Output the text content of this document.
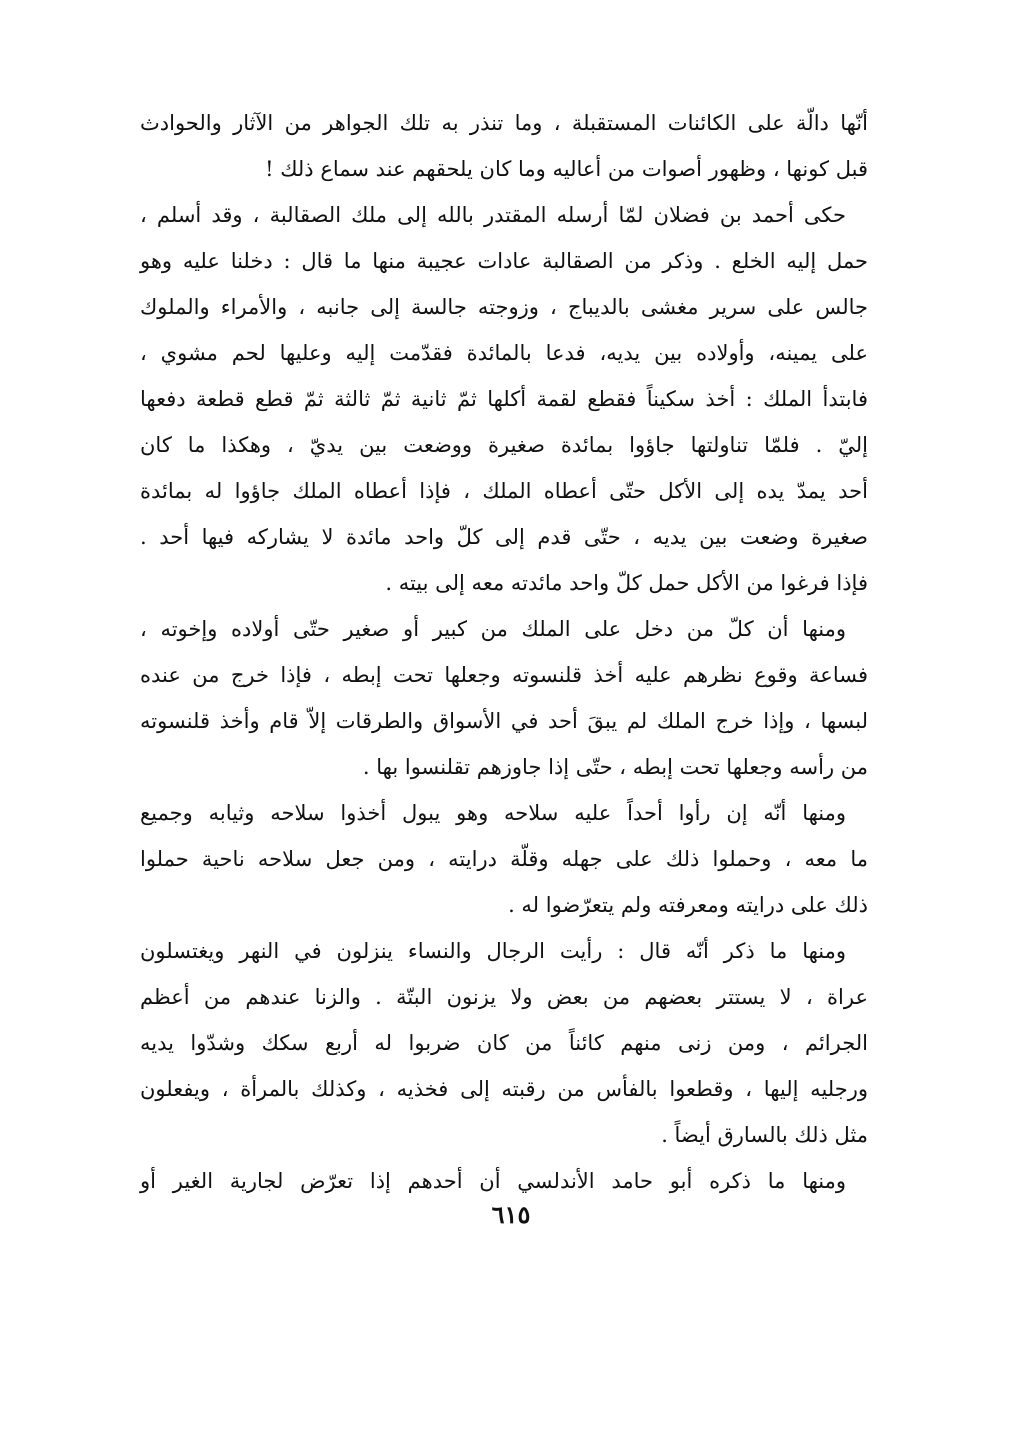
أنّها دالّة على الكائنات المستقبلة ، وما تنذر به تلك الجواهر من الآثار والحوادث
قبل كونها ، وظهور أصوات من أعاليه وما كان يلحقهم عند سماع ذلك !
حكى أحمد بن فضلان لمّا أرسله المقتدر بالله إلى ملك الصقالبة ، وقد أسلم ،
حمل إليه الخلع . وذكر من الصقالبة عادات عجيبة منها ما قال : دخلنا عليه وهو
جالس على سرير مغشى بالديباج ، وزوجته جالسة إلى جانبه ، والأمراء والملوك
على يمينه، وأولاده بين يديه، فدعا بالمائدة فقدّمت إليه وعليها لحم مشوي ،
فابتدأ الملك : أخذ سكيناً فقطع لقمة أكلها ثمّ ثانية ثمّ ثالثة ثمّ قطع قطعة دفعها
إليّ . فلمّا تناولتها جاؤوا بمائدة صغيرة ووضعت بين يديّ ، وهكذا ما كان
أحد يمدّ يده إلى الأكل حتّى أعطاه الملك ، فإذا أعطاه الملك جاؤوا له بمائدة
صغيرة وضعت بين يديه ، حتّى قدم إلى كلّ واحد مائدة لا يشاركه فيها أحد .
فإذا فرغوا من الأكل حمل كلّ واحد مائدته معه إلى بيته .
ومنها أن كلّ من دخل على الملك من كبير أو صغير حتّى أولاده وإخوته ،
فساعة وقوع نظرهم عليه أخذ قلنسوته وجعلها تحت إبطه ، فإذا خرج من عنده
لبسها ، وإذا خرج الملك لم يبقَ أحد في الأسواق والطرقات إلاّ قام وأخذ قلنسوته
من رأسه وجعلها تحت إبطه ، حتّى إذا جاوزهم تقلنسوا بها .
ومنها أنّه إن رأوا أحداً عليه سلاحه وهو يبول أخذوا سلاحه وثيابه وجميع
ما معه ، وحملوا ذلك على جهله وقلّة درايته ، ومن جعل سلاحه ناحية حملوا
ذلك على درايته ومعرفته ولم يتعرّضوا له .
ومنها ما ذكر أنّه قال : رأيت الرجال والنساء ينزلون في النهر ويغتسلون
عراة ، لا يستتر بعضهم من بعض ولا يزنون البتّة . والزنا عندهم من أعظم
الجرائم ، ومن زنى منهم كائناً من كان ضربوا له أربع سكك وشدّوا يديه
ورجليه إليها ، وقطعوا بالفأس من رقبته إلى فخذيه ، وكذلك بالمرأة ، ويفعلون
مثل ذلك بالسارق أيضاً .
ومنها ما ذكره أبو حامد الأندلسي أن أحدهم إذا تعرّض لجارية الغير أو
٦١٥
